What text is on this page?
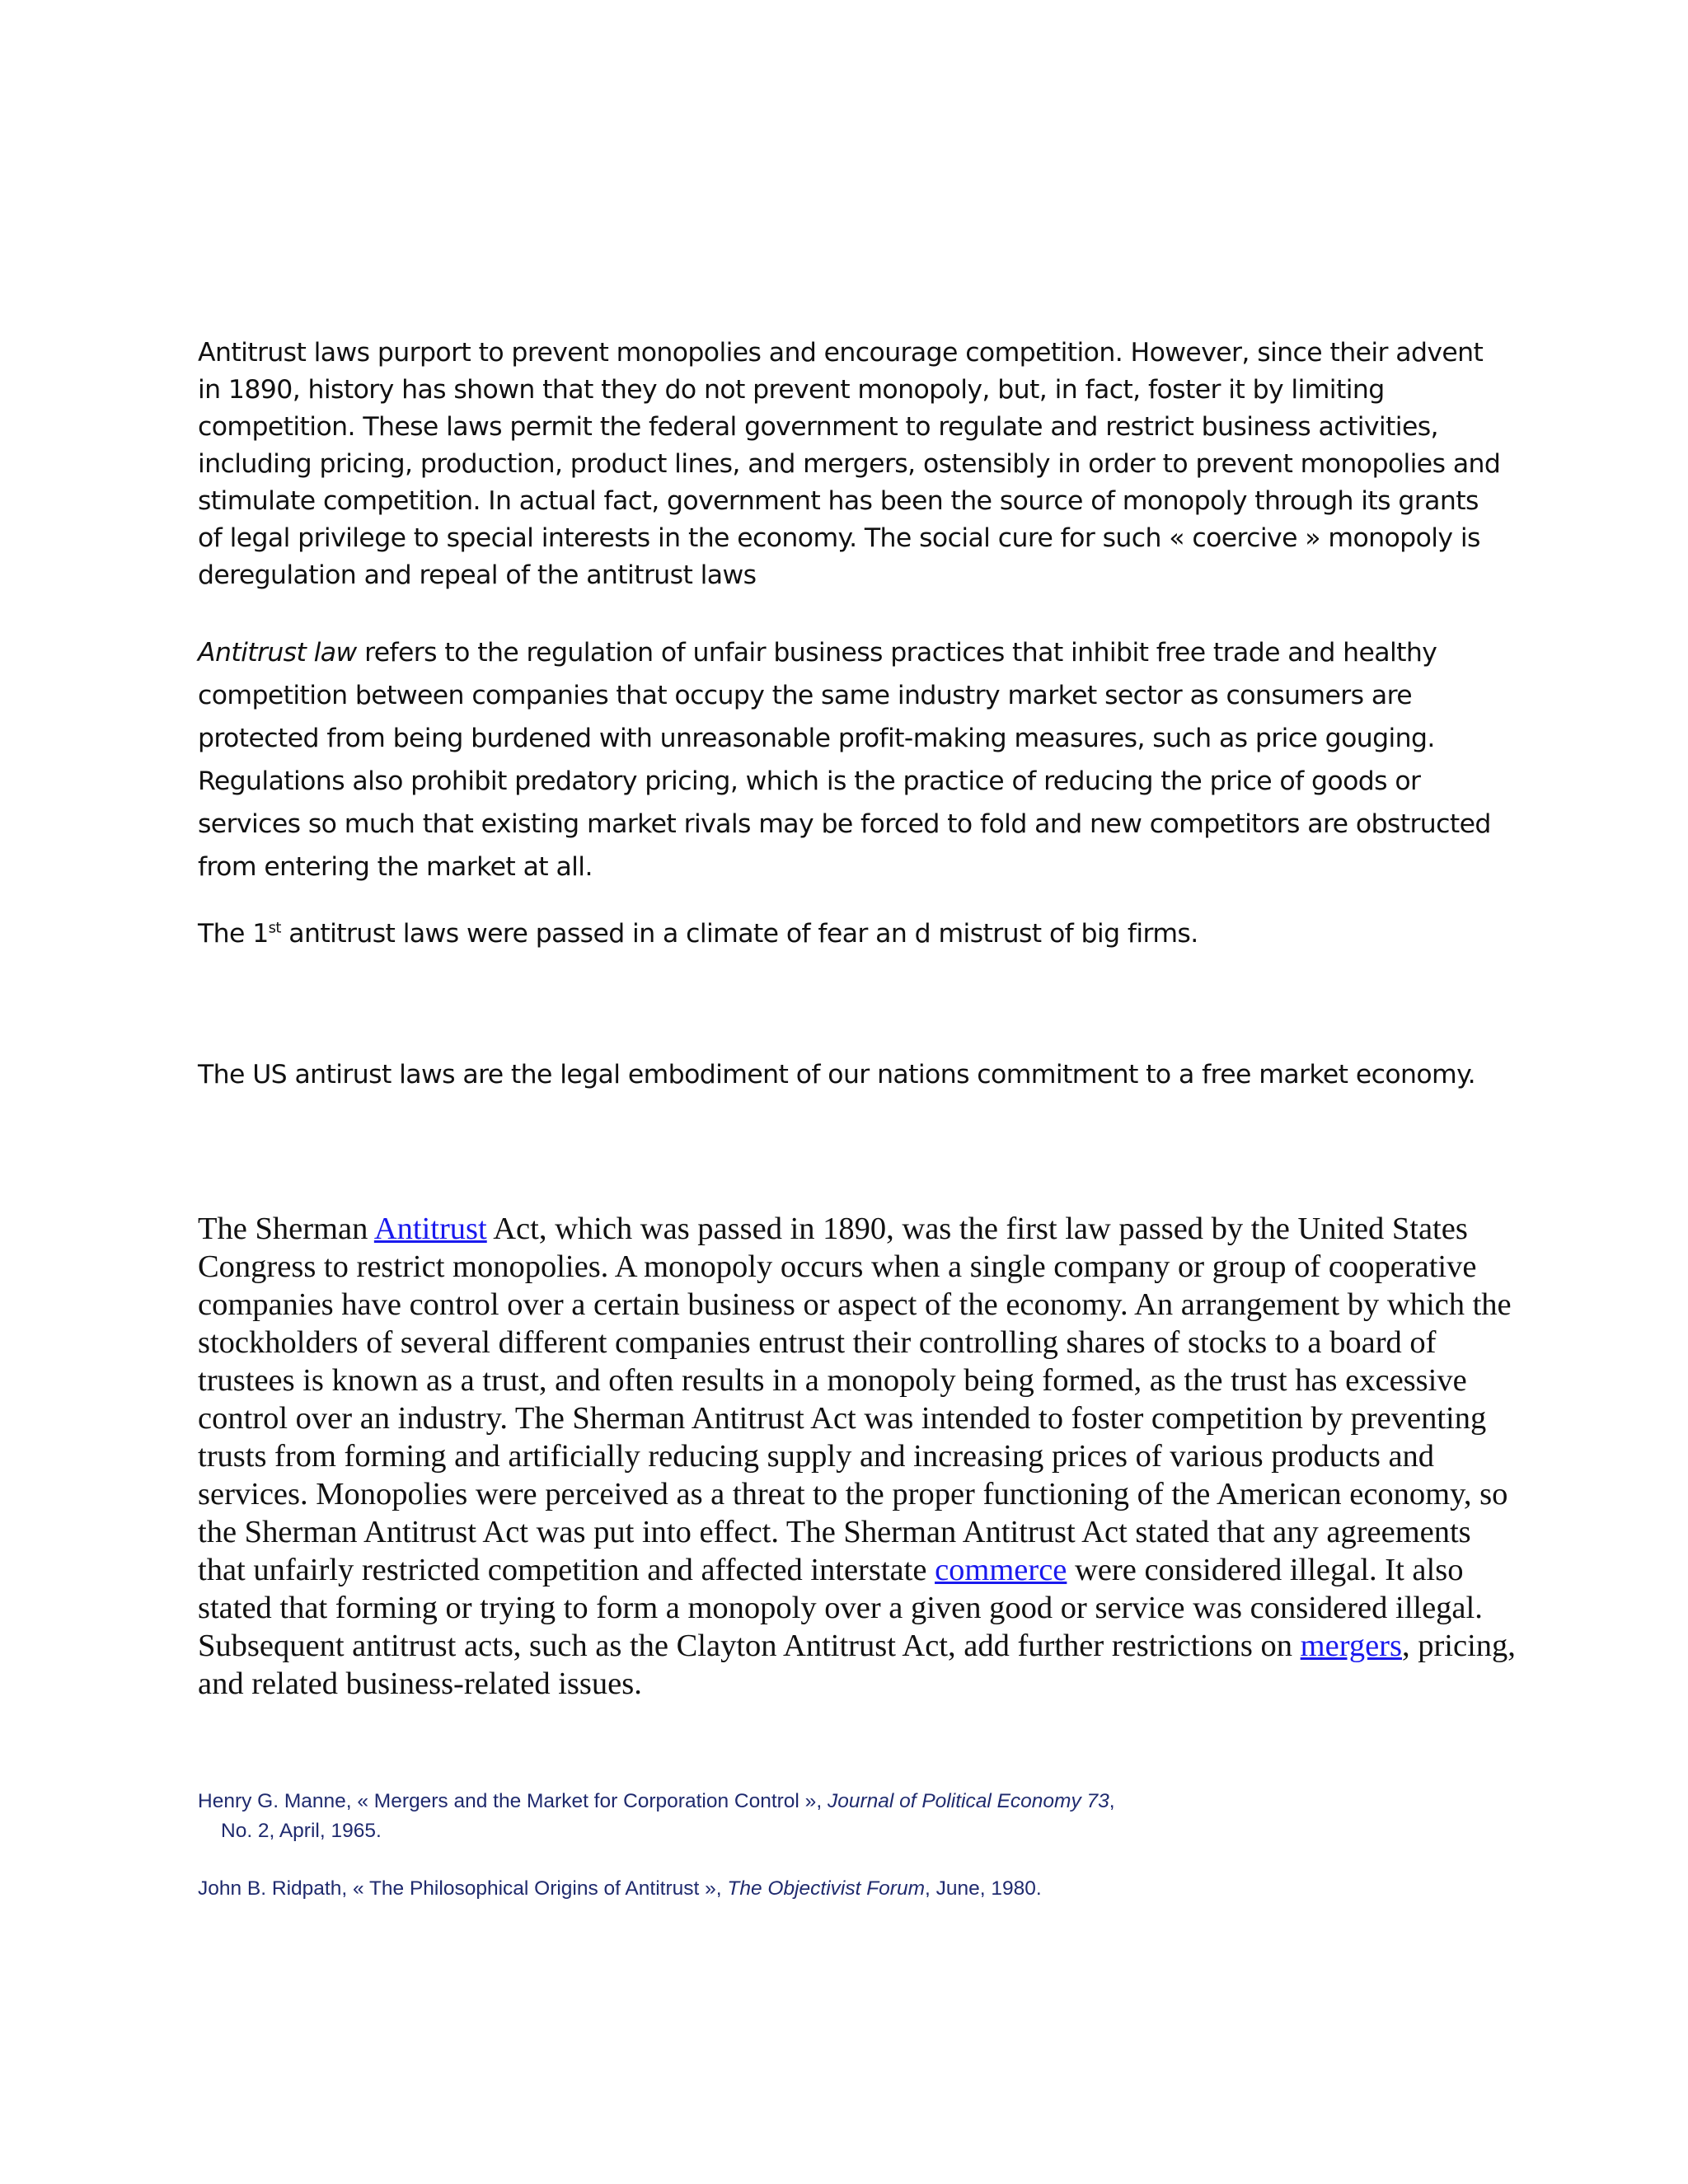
Antitrust laws purport to prevent monopolies and encourage competition. However, since their advent in 1890, history has shown that they do not prevent monopoly, but, in fact, foster it by limiting competition. These laws permit the federal government to regulate and restrict business activities, including pricing, production, product lines, and mergers, ostensibly in order to prevent monopolies and stimulate competition. In actual fact, government has been the source of monopoly through its grants of legal privilege to special interests in the economy. The social cure for such « coercive » monopoly is deregulation and repeal of the antitrust laws

Antitrust law refers to the regulation of unfair business practices that inhibit free trade and healthy competition between companies that occupy the same industry market sector as consumers are protected from being burdened with unreasonable profit-making measures, such as price gouging. Regulations also prohibit predatory pricing, which is the practice of reducing the price of goods or services so much that existing market rivals may be forced to fold and new competitors are obstructed from entering the market at all.

The 1st antitrust laws were passed in a climate of fear an d mistrust of big firms.

The US antirust laws are the legal embodiment of our nations commitment to a free market economy.

The Sherman Antitrust Act, which was passed in 1890, was the first law passed by the United States Congress to restrict monopolies. A monopoly occurs when a single company or group of cooperative companies have control over a certain business or aspect of the economy. An arrangement by which the stockholders of several different companies entrust their controlling shares of stocks to a board of trustees is known as a trust, and often results in a monopoly being formed, as the trust has excessive control over an industry. The Sherman Antitrust Act was intended to foster competition by preventing trusts from forming and artificially reducing supply and increasing prices of various products and services. Monopolies were perceived as a threat to the proper functioning of the American economy, so the Sherman Antitrust Act was put into effect. The Sherman Antitrust Act stated that any agreements that unfairly restricted competition and affected interstate commerce were considered illegal. It also stated that forming or trying to form a monopoly over a given good or service was considered illegal. Subsequent antitrust acts, such as the Clayton Antitrust Act, add further restrictions on mergers, pricing, and related business-related issues.

Henry G. Manne, « Mergers and the Market for Corporation Control », Journal of Political Economy 73,
No. 2, April, 1965.
John B. Ridpath, « The Philosophical Origins of Antitrust », The Objectivist Forum, June, 1980.
